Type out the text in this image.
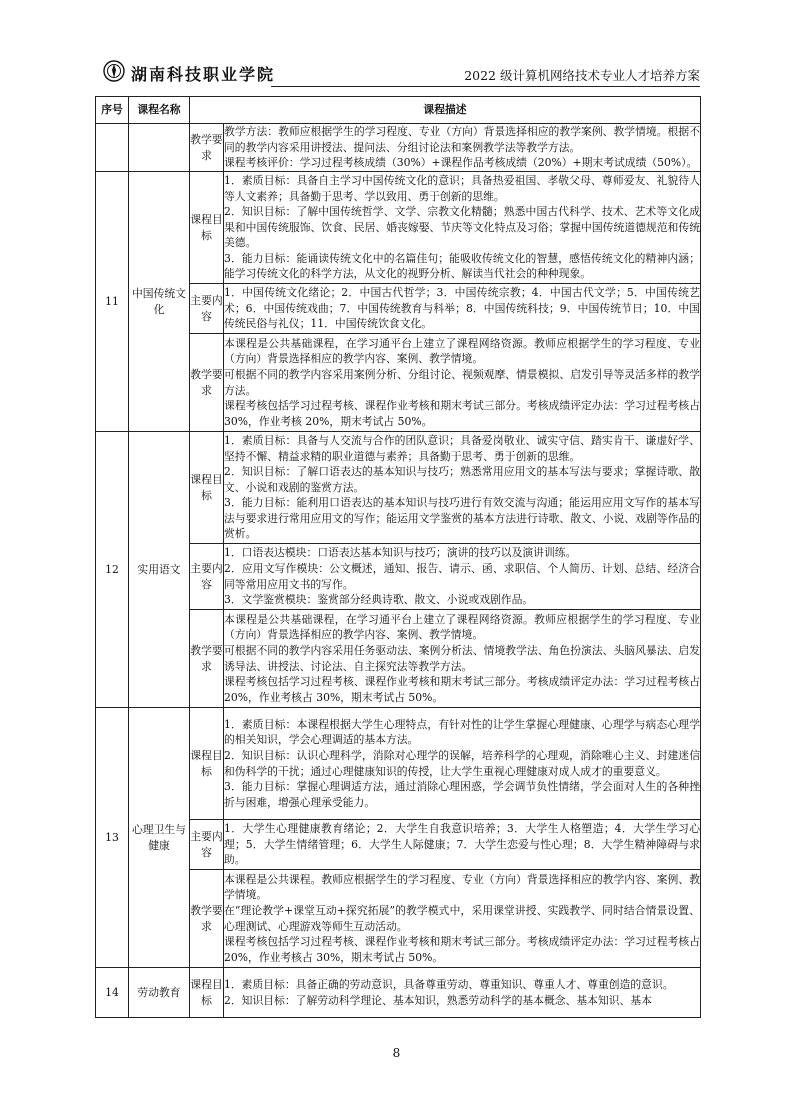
湖南科技职业学院	2022 级计算机网络技术专业人才培养方案
序号	课程名称	课程描述	
		教学要求	教学方法：教师应根据学生的学习程度、专业（方向）背景选择相应的教学案例、教学情境。根据不同的教学内容采用讲授法、提问法、分组讨论法和案例教学法等教学方法。

课程考核评价：学习过程考核成绩（30%）+课程作品考核成绩（20%）+期末考试成绩（50%）。

11	中国传统文化	课程目标	1．素质目标：具备自主学习中国传统文化的意识；具备热爱祖国、孝敬父母、尊师爱友、礼貌待人等人文素养；具备勤于思考、学以致用、勇于创新的思维。

2．知识目标：了解中国传统哲学、文学、宗教文化精髓；熟悉中国古代科学、技术、艺术等文化成果和中国传统服饰、饮食、民居、婚丧嫁娶、节庆等文化特点及习俗；掌握中国传统道德规范和传统美德。

3．能力目标：能诵读传统文化中的名篇佳句；能吸收传统文化的智慧，感悟传统文化的精神内涵；能学习传统文化的科学方法，从文化的视野分析、解读当代社会的种种现象。

		主要内容	1．中国传统文化绪论；2．中国古代哲学；3．中国传统宗教；4．中国古代文学；5．中国传统艺术；6．中国传统戏曲；7．中国传统教育与科举；8．中国传统科技；9．中国传统节日；10．中国传统民俗与礼仪；11．中国传统饮食文化。

		教学要求	本课程是公共基础课程，在学习通平台上建立了课程网络资源。教师应根据学生的学习程度、专业（方向）背景选择相应的教学内容、案例、教学情境。

可根据不同的教学内容采用案例分析、分组讨论、视频观摩、情景模拟、启发引导等灵活多样的教学方法。

课程考核包括学习过程考核、课程作业考核和期末考试三部分。考核成绩评定办法：学习过程考核占 30%，作业考核 20%，期末考试占 50%。

12	实用语文	课程目标	1．素质目标：具备与人交流与合作的团队意识；具备爱岗敬业、诚实守信、踏实肯干、谦虚好学、坚持不懈、精益求精的职业道德与素养；具备勤于思考、勇于创新的思维。

2．知识目标：了解口语表达的基本知识与技巧；熟悉常用应用文的基本写法与要求；掌握诗歌、散文、小说和戏剧的鉴赏方法。

3．能力目标：能利用口语表达的基本知识与技巧进行有效交流与沟通；能运用应用文写作的基本写法与要求进行常用应用文的写作；能运用文学鉴赏的基本方法进行诗歌、散文、小说、戏剧等作品的赏析。

		主要内容	1．口语表达模块：口语表达基本知识与技巧；演讲的技巧以及演讲训练。

2．应用文写作模块：公文概述，通知、报告、请示、函、求职信、个人简历、计划、总结、经济合同等常用应用文书的写作。

3．文学鉴赏模块：鉴赏部分经典诗歌、散文、小说或戏剧作品。

		教学要求	本课程是公共基础课程，在学习通平台上建立了课程网络资源。教师应根据学生的学习程度、专业（方向）背景选择相应的教学内容、案例、教学情境。

可根据不同的教学内容采用任务驱动法、案例分析法、情境教学法、角色扮演法、头脑风暴法、启发诱导法、讲授法、讨论法、自主探究法等教学方法。

课程考核包括学习过程考核、课程作业考核和期末考试三部分。考核成绩评定办法：学习过程考核占 20%，作业考核占 30%，期末考试占 50%。

13	心理卫生与健康	课程目标	1．素质目标：本课程根据大学生心理特点，有针对性的让学生掌握心理健康、心理学与病态心理学的相关知识，学会心理调适的基本方法。

2．知识目标：认识心理科学，消除对心理学的误解，培养科学的心理观，消除唯心主义、封建迷信和伪科学的干扰；通过心理健康知识的传授，让大学生重视心理健康对成人成才的重要意义。

3．能力目标：掌握心理调适方法，通过消除心理困惑，学会调节负性情绪，学会面对人生的各种挫折与困难，增强心理承受能力。

		主要内容	1．大学生心理健康教育绪论；2．大学生自我意识培养；3．大学生人格塑造；4．大学生学习心理；5．大学生情绪管理；6．大学生人际健康；7．大学生恋爱与性心理；8．大学生精神障碍与求助。

		教学要求	本课程是公共课程。教师应根据学生的学习程度、专业（方向）背景选择相应的教学内容、案例、教学情境。

在“理论教学+课堂互动+探究拓展”的教学模式中，采用课堂讲授、实践教学、同时结合情景设置、心理测试、心理游戏等师生互动活动。

课程考核包括学习过程考核、课程作业考核和期末考试三部分。考核成绩评定办法：学习过程考核占 20%，作业考核占 30%，期末考试占 50%。

14	劳动教育	课程目标	1．素质目标：具备正确的劳动意识，具备尊重劳动、尊重知识、尊重人才、尊重创造的意识。

2．知识目标：了解劳动科学理论、基本知识，熟悉劳动科学的基本概念、基本知识、基本

8
